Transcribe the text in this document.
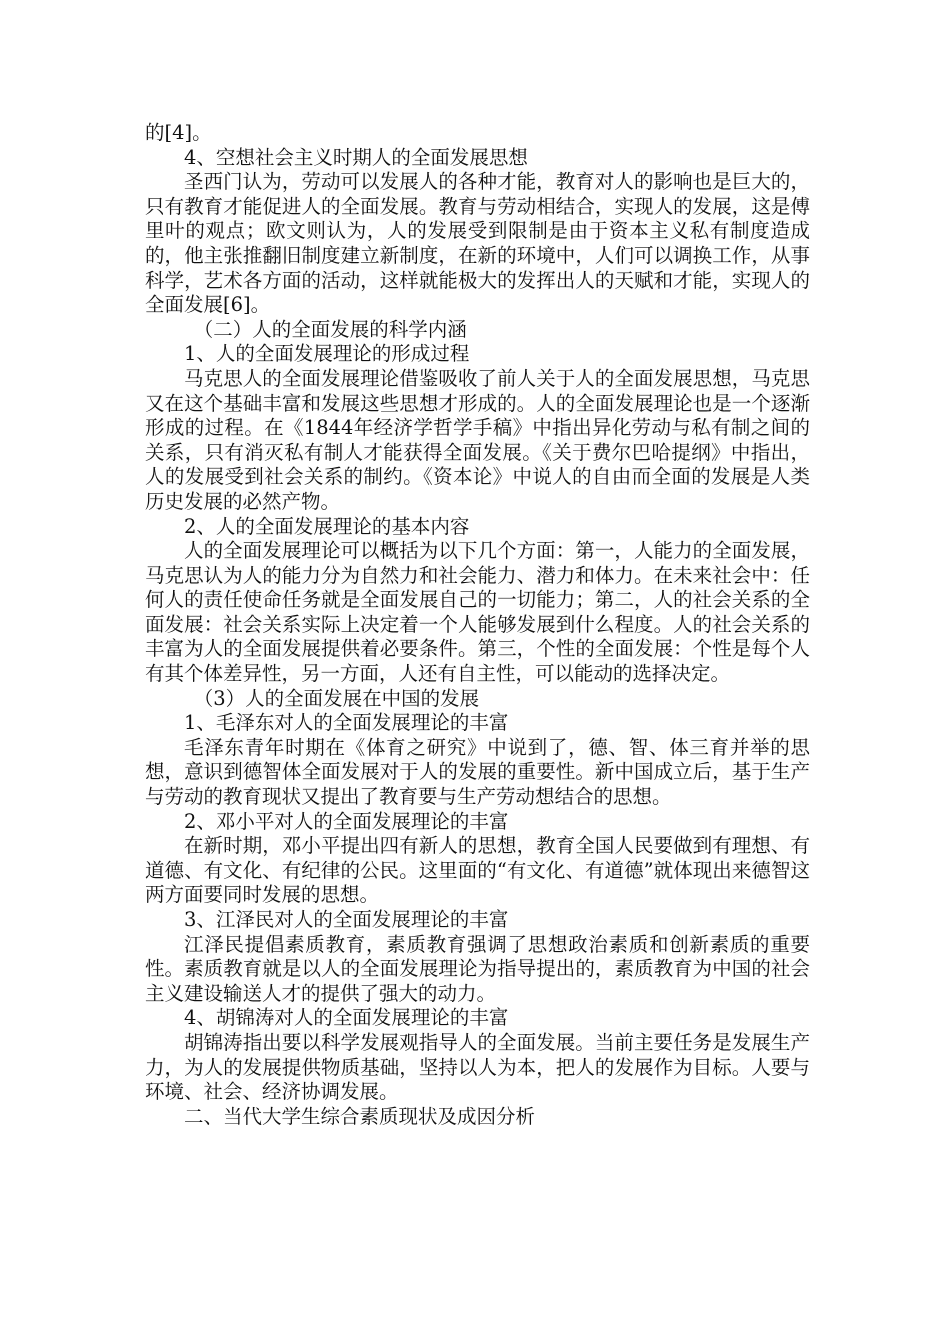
的[4]。

4、空想社会主义时期人的全面发展思想

圣西门认为，劳动可以发展人的各种才能，教育对人的影响也是巨大的，只有教育才能促进人的全面发展。教育与劳动相结合，实现人的发展，这是傅里叶的观点；欧文则认为，人的发展受到限制是由于资本主义私有制度造成的，他主张推翻旧制度建立新制度，在新的环境中，人们可以调换工作，从事科学，艺术各方面的活动，这样就能极大的发挥出人的天赋和才能，实现人的全面发展[6]。

（二）人的全面发展的科学内涵

1、人的全面发展理论的形成过程

马克思人的全面发展理论借鉴吸收了前人关于人的全面发展思想，马克思又在这个基础丰富和发展这些思想才形成的。人的全面发展理论也是一个逐渐形成的过程。在《1844年经济学哲学手稿》中指出异化劳动与私有制之间的关系，只有消灭私有制人才能获得全面发展。《关于费尔巴哈提纲》中指出，人的发展受到社会关系的制约。《资本论》中说人的自由而全面的发展是人类历史发展的必然产物。

2、人的全面发展理论的基本内容

人的全面发展理论可以概括为以下几个方面：第一，人能力的全面发展，马克思认为人的能力分为自然力和社会能力、潜力和体力。在未来社会中：任何人的责任使命任务就是全面发展自己的一切能力；第二，人的社会关系的全面发展：社会关系实际上决定着一个人能够发展到什么程度。人的社会关系的丰富为人的全面发展提供着必要条件。第三，个性的全面发展：个性是每个人有其个体差异性，另一方面，人还有自主性，可以能动的选择决定。

（3）人的全面发展在中国的发展

1、毛泽东对人的全面发展理论的丰富

毛泽东青年时期在《体育之研究》中说到了，德、智、体三育并举的思想，意识到德智体全面发展对于人的发展的重要性。新中国成立后，基于生产与劳动的教育现状又提出了教育要与生产劳动想结合的思想。

2、邓小平对人的全面发展理论的丰富

在新时期，邓小平提出四有新人的思想，教育全国人民要做到有理想、有道德、有文化、有纪律的公民。这里面的“有文化、有道德”就体现出来德智这两方面要同时发展的思想。

3、江泽民对人的全面发展理论的丰富

江泽民提倡素质教育，素质教育强调了思想政治素质和创新素质的重要性。素质教育就是以人的全面发展理论为指导提出的，素质教育为中国的社会主义建设输送人才的提供了强大的动力。

4、胡锦涛对人的全面发展理论的丰富

胡锦涛指出要以科学发展观指导人的全面发展。当前主要任务是发展生产力，为人的发展提供物质基础，坚持以人为本，把人的发展作为目标。人要与环境、社会、经济协调发展。

二、当代大学生综合素质现状及成因分析
